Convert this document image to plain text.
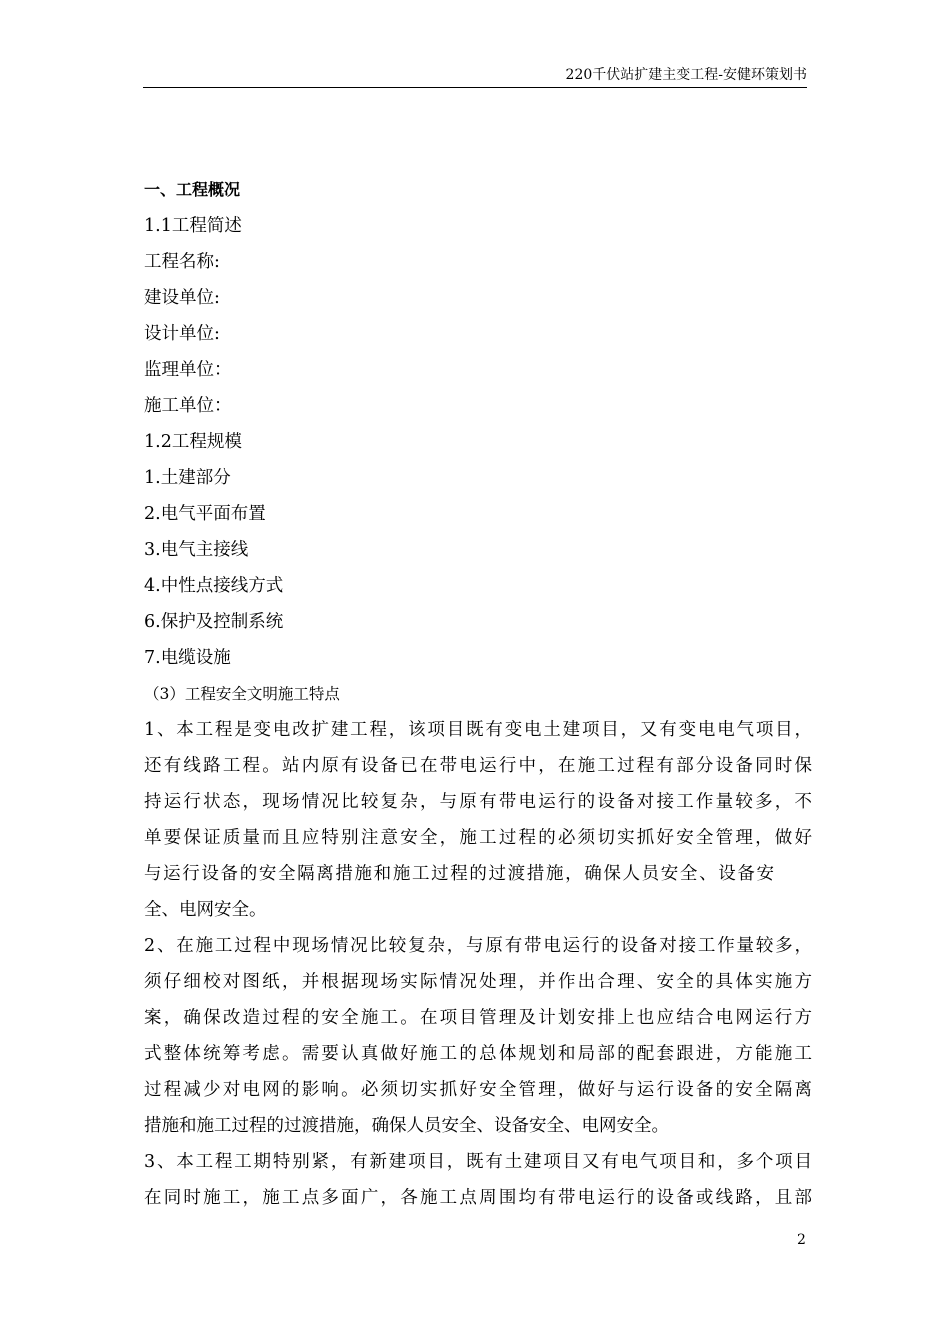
220千伏站扩建主变工程-安健环策划书
一、工程概况
1.1工程简述
工程名称:
建设单位:
设计单位:
监理单位：
施工单位：
1.2工程规模
1.土建部分
2.电气平面布置
3.电气主接线
4.中性点接线方式
6.保护及控制系统
7.电缆设施
（3）工程安全文明施工特点
1、本工程是变电改扩建工程，该项目既有变电土建项目，又有变电电气项目，
还有线路工程。站内原有设备已在带电运行中，在施工过程有部分设备同时保
持运行状态，现场情况比较复杂，与原有带电运行的设备对接工作量较多，不
单要保证质量而且应特别注意安全，施工过程的必须切实抓好安全管理，做好
与运行设备的安全隔离措施和施工过程的过渡措施，确保人员安全、设备安
全、电网安全。
2、在施工过程中现场情况比较复杂，与原有带电运行的设备对接工作量较多，
须仔细校对图纸，并根据现场实际情况处理，并作出合理、安全的具体实施方
案，确保改造过程的安全施工。在项目管理及计划安排上也应结合电网运行方
式整体统筹考虑。需要认真做好施工的总体规划和局部的配套跟进，方能施工
过程减少对电网的影响。必须切实抓好安全管理，做好与运行设备的安全隔离
措施和施工过程的过渡措施，确保人员安全、设备安全、电网安全。
3、本工程工期特别紧，有新建项目，既有土建项目又有电气项目和，多个项目
在同时施工，施工点多面广，各施工点周围均有带电运行的设备或线路，且部
2
